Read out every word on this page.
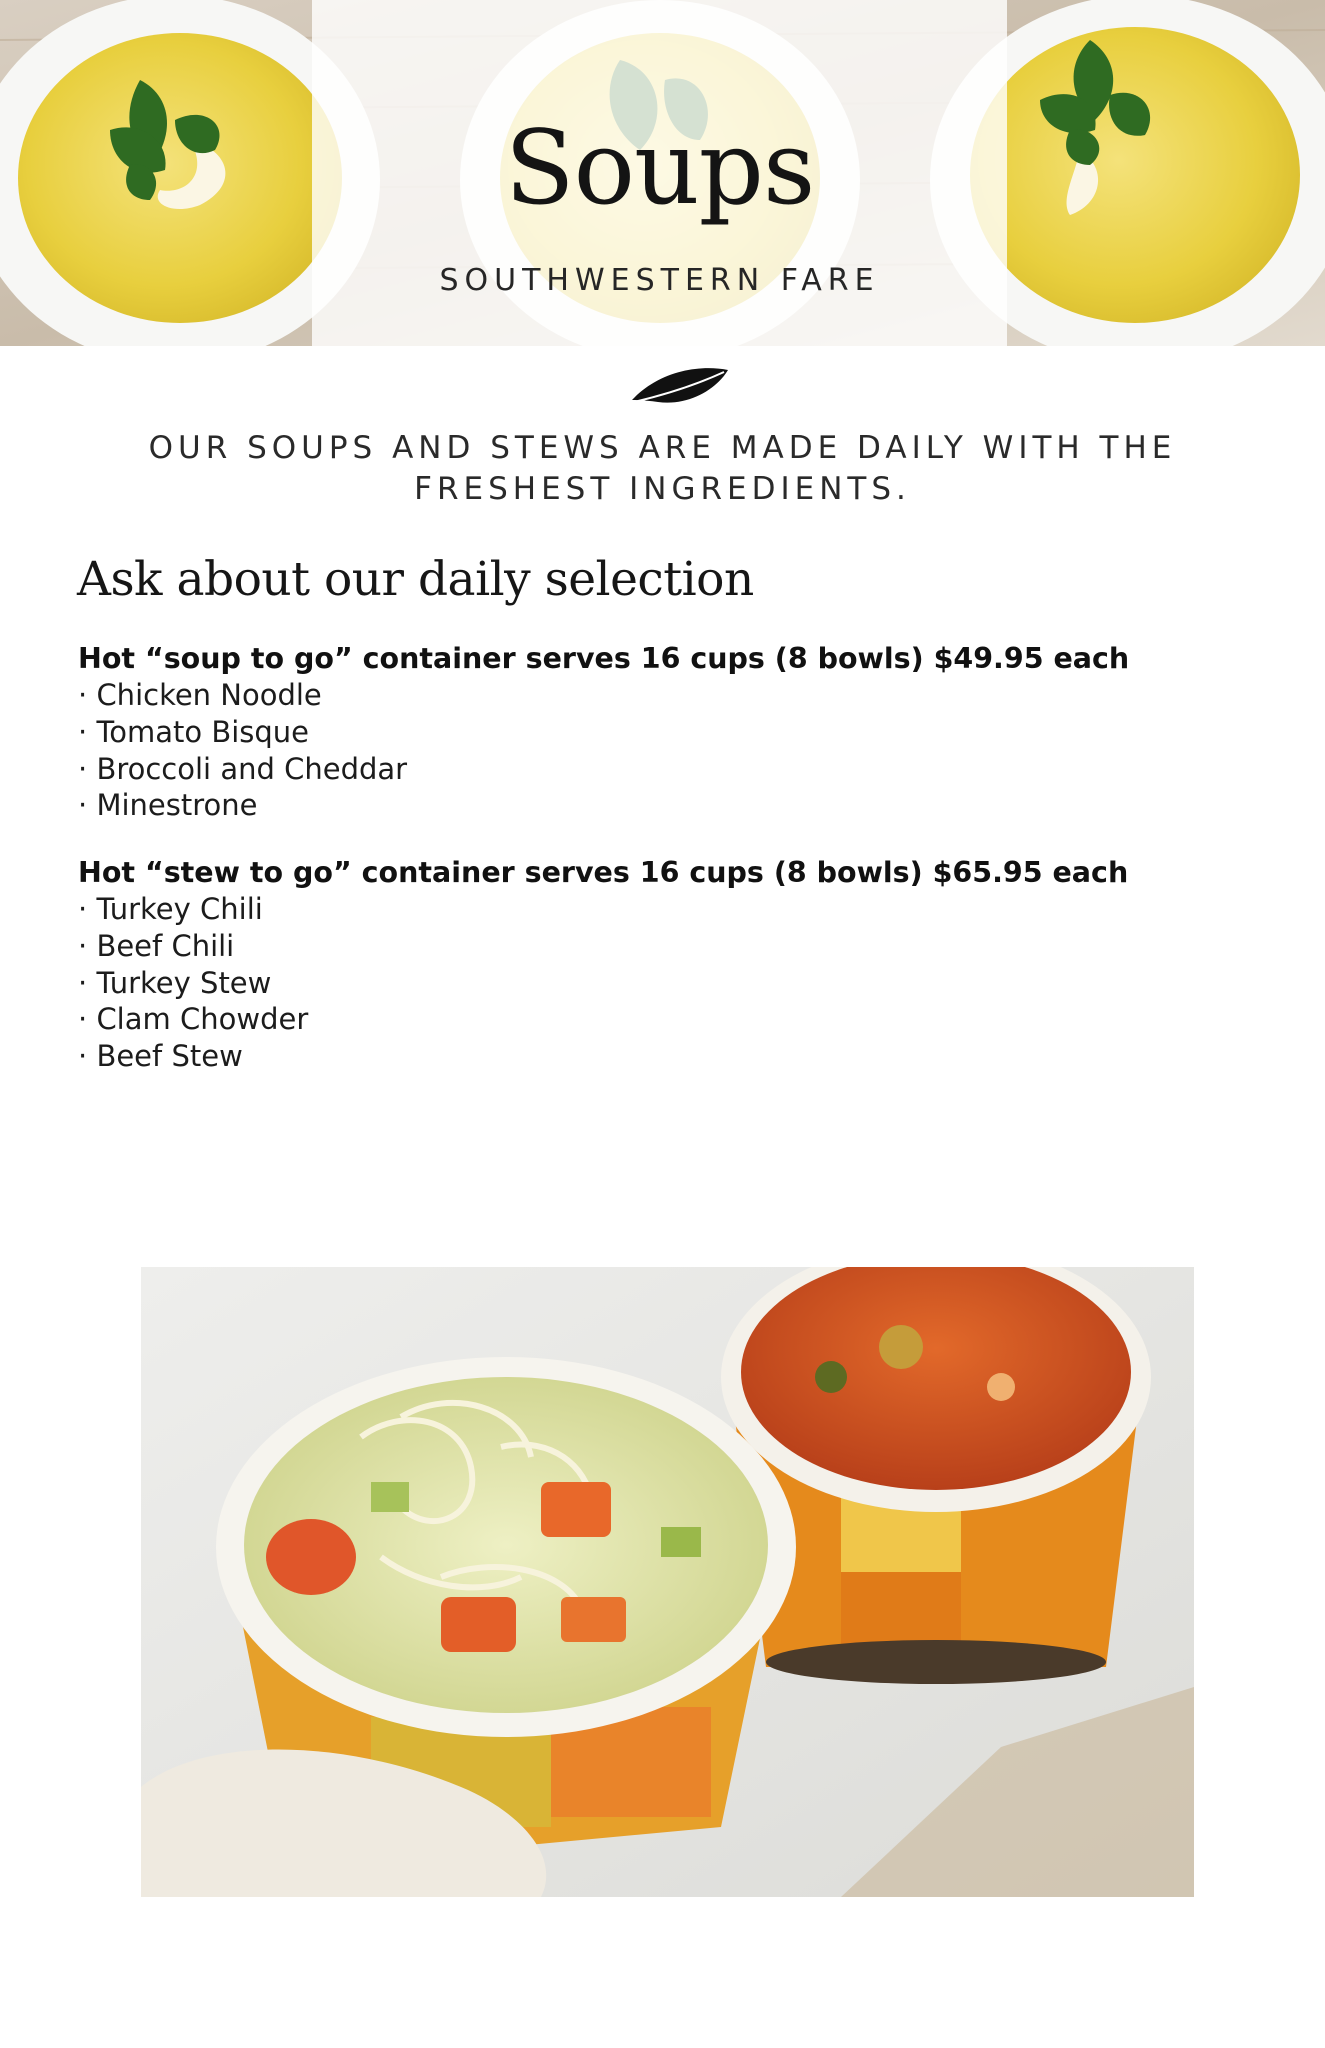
Soups
SOUTHWESTERN FARE
OUR SOUPS AND STEWS ARE MADE DAILY WITH THE FRESHEST INGREDIENTS.
Ask about our daily selection
Hot “soup to go” container serves 16 cups (8 bowls) $49.95 each
· Chicken Noodle
· Tomato Bisque
· Broccoli and Cheddar
· Minestrone
Hot “stew to go” container serves 16 cups (8 bowls) $65.95 each
· Turkey Chili
· Beef Chili
· Turkey Stew
· Clam Chowder
· Beef Stew
